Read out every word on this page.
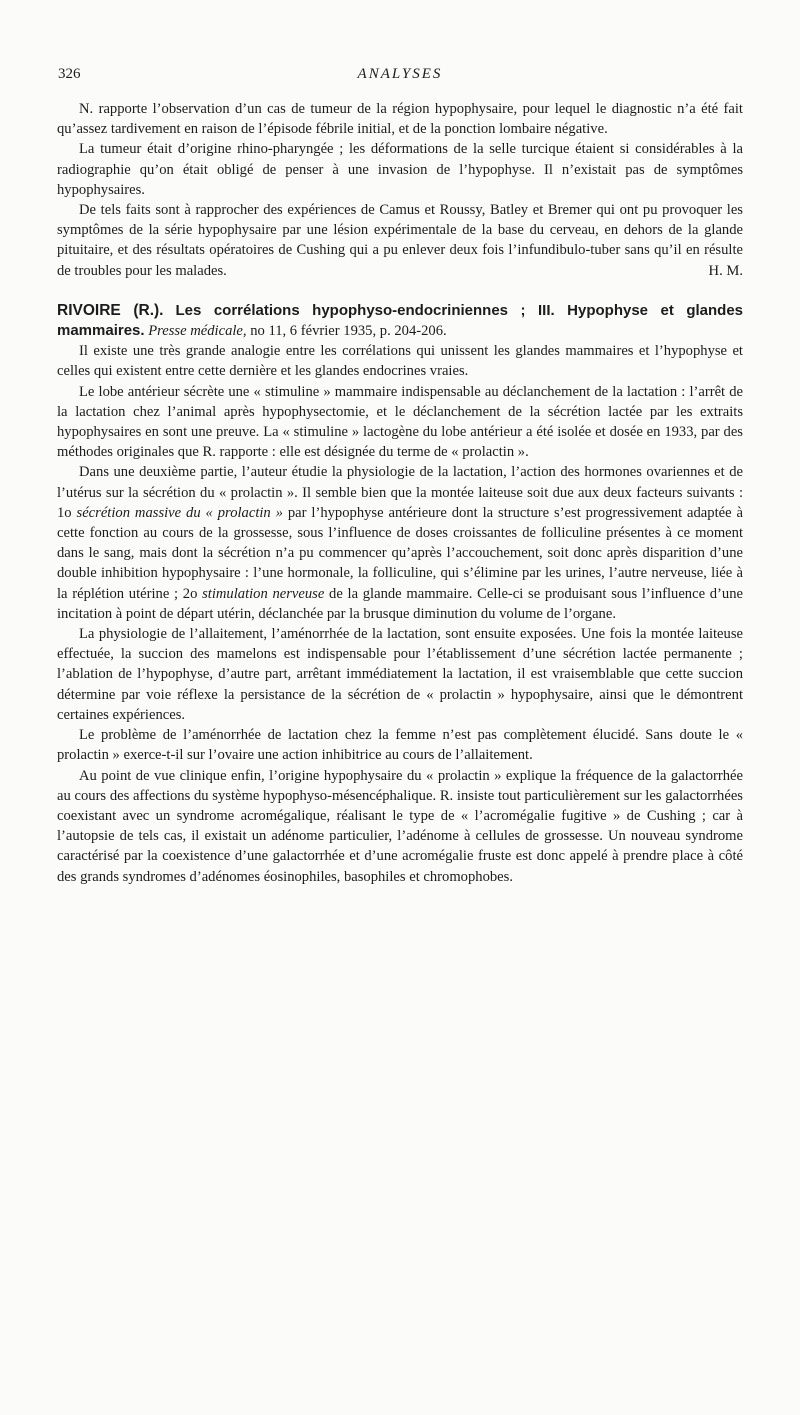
326	ANALYSES

N. rapporte l’observation d’un cas de tumeur de la région hypophysaire, pour lequel le diagnostic n’a été fait qu’assez tardivement en raison de l’épisode fébrile initial, et de la ponction lombaire négative.

La tumeur était d’origine rhino-pharyngée ; les déformations de la selle turcique étaient si considérables à la radiographie qu’on était obligé de penser à une invasion de l’hypophyse. Il n’existait pas de symptômes hypophysaires.

De tels faits sont à rapprocher des expériences de Camus et Roussy, Batley et Bremer qui ont pu provoquer les symptômes de la série hypophysaire par une lésion expérimentale de la base du cerveau, en dehors de la glande pituitaire, et des résultats opératoires de Cushing qui a pu enlever deux fois l’infundibulo-tuber sans qu’il en résulte de troubles pour les malades.	H. M.

RIVOIRE (R.). Les corrélations hypophyso-endocriniennes ; III. Hypophyse et glandes mammaires. Presse médicale, no 11, 6 février 1935, p. 204-206.

Il existe une très grande analogie entre les corrélations qui unissent les glandes mammaires et l’hypophyse et celles qui existent entre cette dernière et les glandes endocrines vraies.

Le lobe antérieur sécrète une « stimuline » mammaire indispensable au déclanchement de la lactation : l’arrêt de la lactation chez l’animal après hypophysectomie, et le déclanchement de la sécrétion lactée par les extraits hypophysaires en sont une preuve. La « stimuline » lactogène du lobe antérieur a été isolée et dosée en 1933, par des méthodes originales que R. rapporte : elle est désignée du terme de « prolactin ».

Dans une deuxième partie, l’auteur étudie la physiologie de la lactation, l’action des hormones ovariennes et de l’utérus sur la sécrétion du « prolactin ». Il semble bien que la montée laiteuse soit due aux deux facteurs suivants : 1o sécrétion massive du « prolactin » par l’hypophyse antérieure dont la structure s’est progressivement adaptée à cette fonction au cours de la grossesse, sous l’influence de doses croissantes de folliculine présentes à ce moment dans le sang, mais dont la sécrétion n’a pu commencer qu’après l’accouchement, soit donc après disparition d’une double inhibition hypophysaire : l’une hormonale, la folliculine, qui s’élimine par les urines, l’autre nerveuse, liée à la réplétion utérine ; 2o stimulation nerveuse de la glande mammaire. Celle-ci se produisant sous l’influence d’une incitation à point de départ utérin, déclanchée par la brusque diminution du volume de l’organe.

La physiologie de l’allaitement, l’aménorrhée de la lactation, sont ensuite exposées. Une fois la montée laiteuse effectuée, la succion des mamelons est indispensable pour l’établissement d’une sécrétion lactée permanente ; l’ablation de l’hypophyse, d’autre part, arrêtant immédiatement la lactation, il est vraisemblable que cette succion détermine par voie réflexe la persistance de la sécrétion de « prolactin » hypophysaire, ainsi que le démontrent certaines expériences.

Le problème de l’aménorrhée de lactation chez la femme n’est pas complètement élucidé. Sans doute le « prolactin » exerce-t-il sur l’ovaire une action inhibitrice au cours de l’allaitement.

Au point de vue clinique enfin, l’origine hypophysaire du « prolactin » explique la fréquence de la galactorrhée au cours des affections du système hypophyso-mésencéphalique. R. insiste tout particulièrement sur les galactorrhées coexistant avec un syndrome acromégalique, réalisant le type de « l’acromégalie fugitive » de Cushing ; car à l’autopsie de tels cas, il existait un adénome particulier, l’adénome à cellules de grossesse. Un nouveau syndrome caractérisé par la coexistence d’une galactorrhée et d’une acromégalie fruste est donc appelé à prendre place à côté des grands syndromes d’adénomes éosinophiles, basophiles et chromophobes.
